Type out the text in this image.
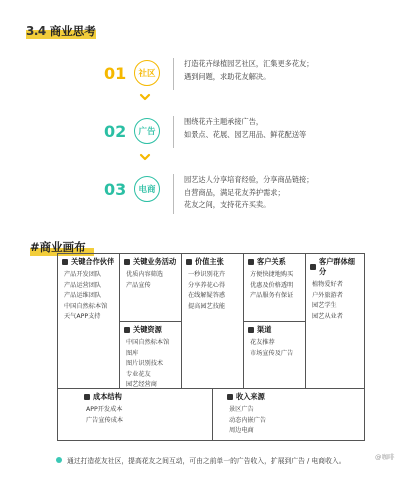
3.4 商业思考
01	社区
打造花卉绿植园艺社区，汇集更多花友；
遇到问题，求助花友解决。
02	广告
围绕花卉主题承接广告，
如景点、花展、园艺用品、鲜花配送等
03	电商
园艺达人分享培育经验，分享商品链接；
自营商品，满足花友养护需求；
花友之间，支持花卉买卖。
#商业画布
关键合作伙伴
产品开发团队
产品运营团队
产品运维团队
中国自然标本馆
天气APP支持
关键业务活动
优质内容筛选
产品宣传
关键资源
中国自然标本馆
图库
图片识别技术
专业花友
园艺经营商
价值主张
一秒识别花卉
分享养花心得
在线解疑答惑
提高园艺技能
客户关系
方便快捷地购买
优惠及价格透明
产品服务有保证
渠道
花友推荐
市场宣传及广告
客户群体细分
植物爱好者
户外旅游者
园艺学生
园艺从业者
成本结构
APP开发成本
广告宣传成本
收入来源
景区广告
动态内嵌广告
周边电商
通过打造花友社区，提高花友之间互动，可由之前单一的广告收入，扩展到广告 / 电商收入。	@咖啡
